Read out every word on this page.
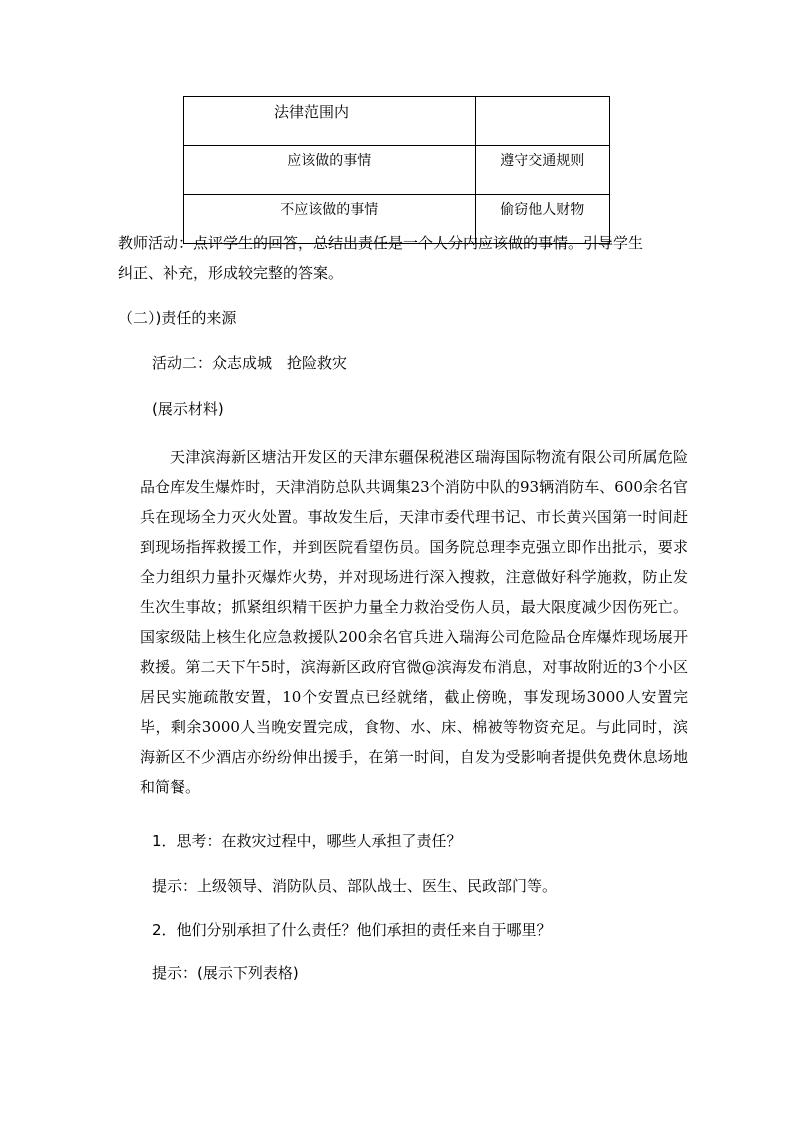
法律范围内	
应该做的事情	遵守交通规则
不应该做的事情	偷窃他人财物
教师活动：点评学生的回答，总结出责任是一个人分内应该做的事情。引导学生
纠正、补充，形成较完整的答案。
（二）)责任的来源
活动二：众志成城　抢险救灾
(展示材料)

天津滨海新区塘沽开发区的天津东疆保税港区瑞海国际物流有限公司所属危险品仓库发生爆炸时，天津消防总队共调集23个消防中队的93辆消防车、600余名官兵在现场全力灭火处置。事故发生后，天津市委代理书记、市长黄兴国第一时间赶到现场指挥救援工作，并到医院看望伤员。国务院总理李克强立即作出批示，要求全力组织力量扑灭爆炸火势，并对现场进行深入搜救，注意做好科学施救，防止发生次生事故；抓紧组织精干医护力量全力救治受伤人员，最大限度减少因伤死亡。国家级陆上核生化应急救援队200余名官兵进入瑞海公司危险品仓库爆炸现场展开救援。第二天下午5时，滨海新区政府官微@滨海发布消息，对事故附近的3个小区居民实施疏散安置，10个安置点已经就绪，截止傍晚，事发现场3000人安置完毕，剩余3000人当晚安置完成，食物、水、床、棉被等物资充足。与此同时，滨海新区不少酒店亦纷纷伸出援手，在第一时间，自发为受影响者提供免费休息场地和简餐。

1．思考：在救灾过程中，哪些人承担了责任？
提示：上级领导、消防队员、部队战士、医生、民政部门等。
2．他们分别承担了什么责任？他们承担的责任来自于哪里？
提示：(展示下列表格)
